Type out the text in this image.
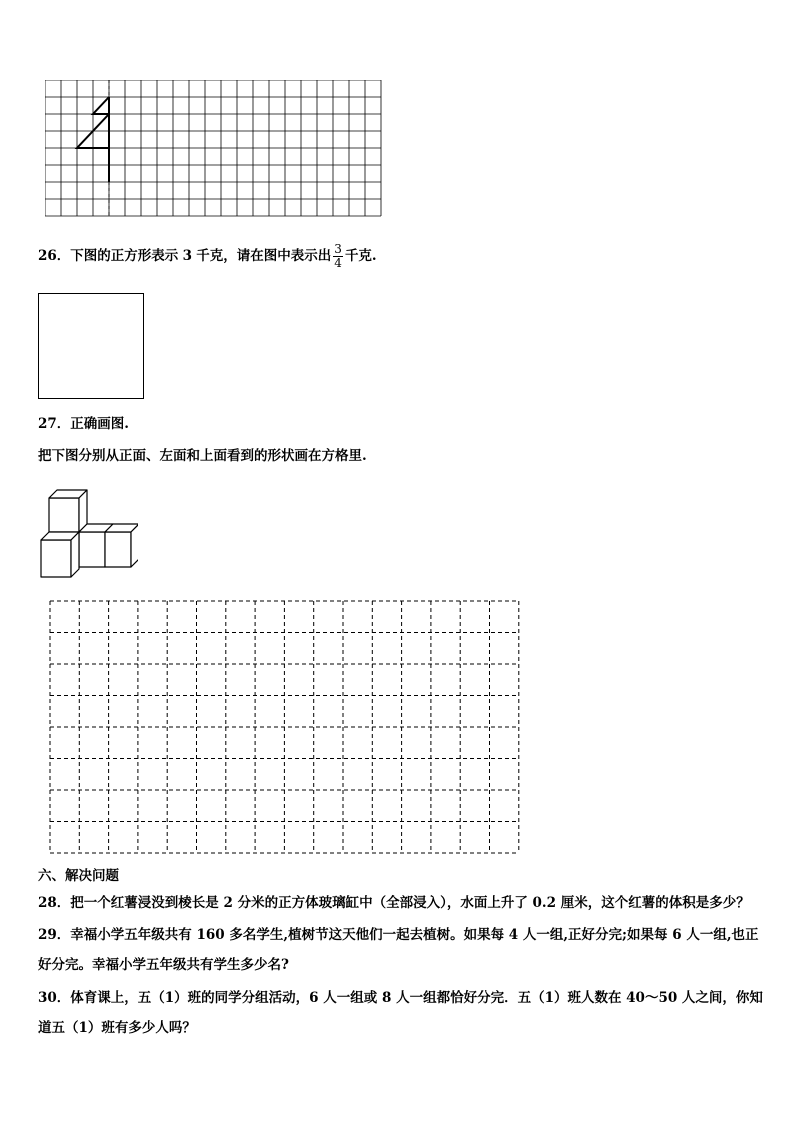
26．下图的正方形表示 3 千克，请在图中表示出 $\frac{3}{4}$ 千克.
27．正确画图.
把下图分别从正面、左面和上面看到的形状画在方格里.
六、解决问题
28．把一个红薯浸没到棱长是 2 分米的正方体玻璃缸中（全部浸入），水面上升了 0.2 厘米，这个红薯的体积是多少？
29．幸福小学五年级共有 160 多名学生,植树节这天他们一起去植树。如果每 4 人一组,正好分完;如果每 6 人一组,也正
好分完。幸福小学五年级共有学生多少名?
30．体育课上，五（1）班的同学分组活动，6 人一组或 8 人一组都恰好分完．五（1）班人数在 40～50 人之间，你知
道五（1）班有多少人吗？
